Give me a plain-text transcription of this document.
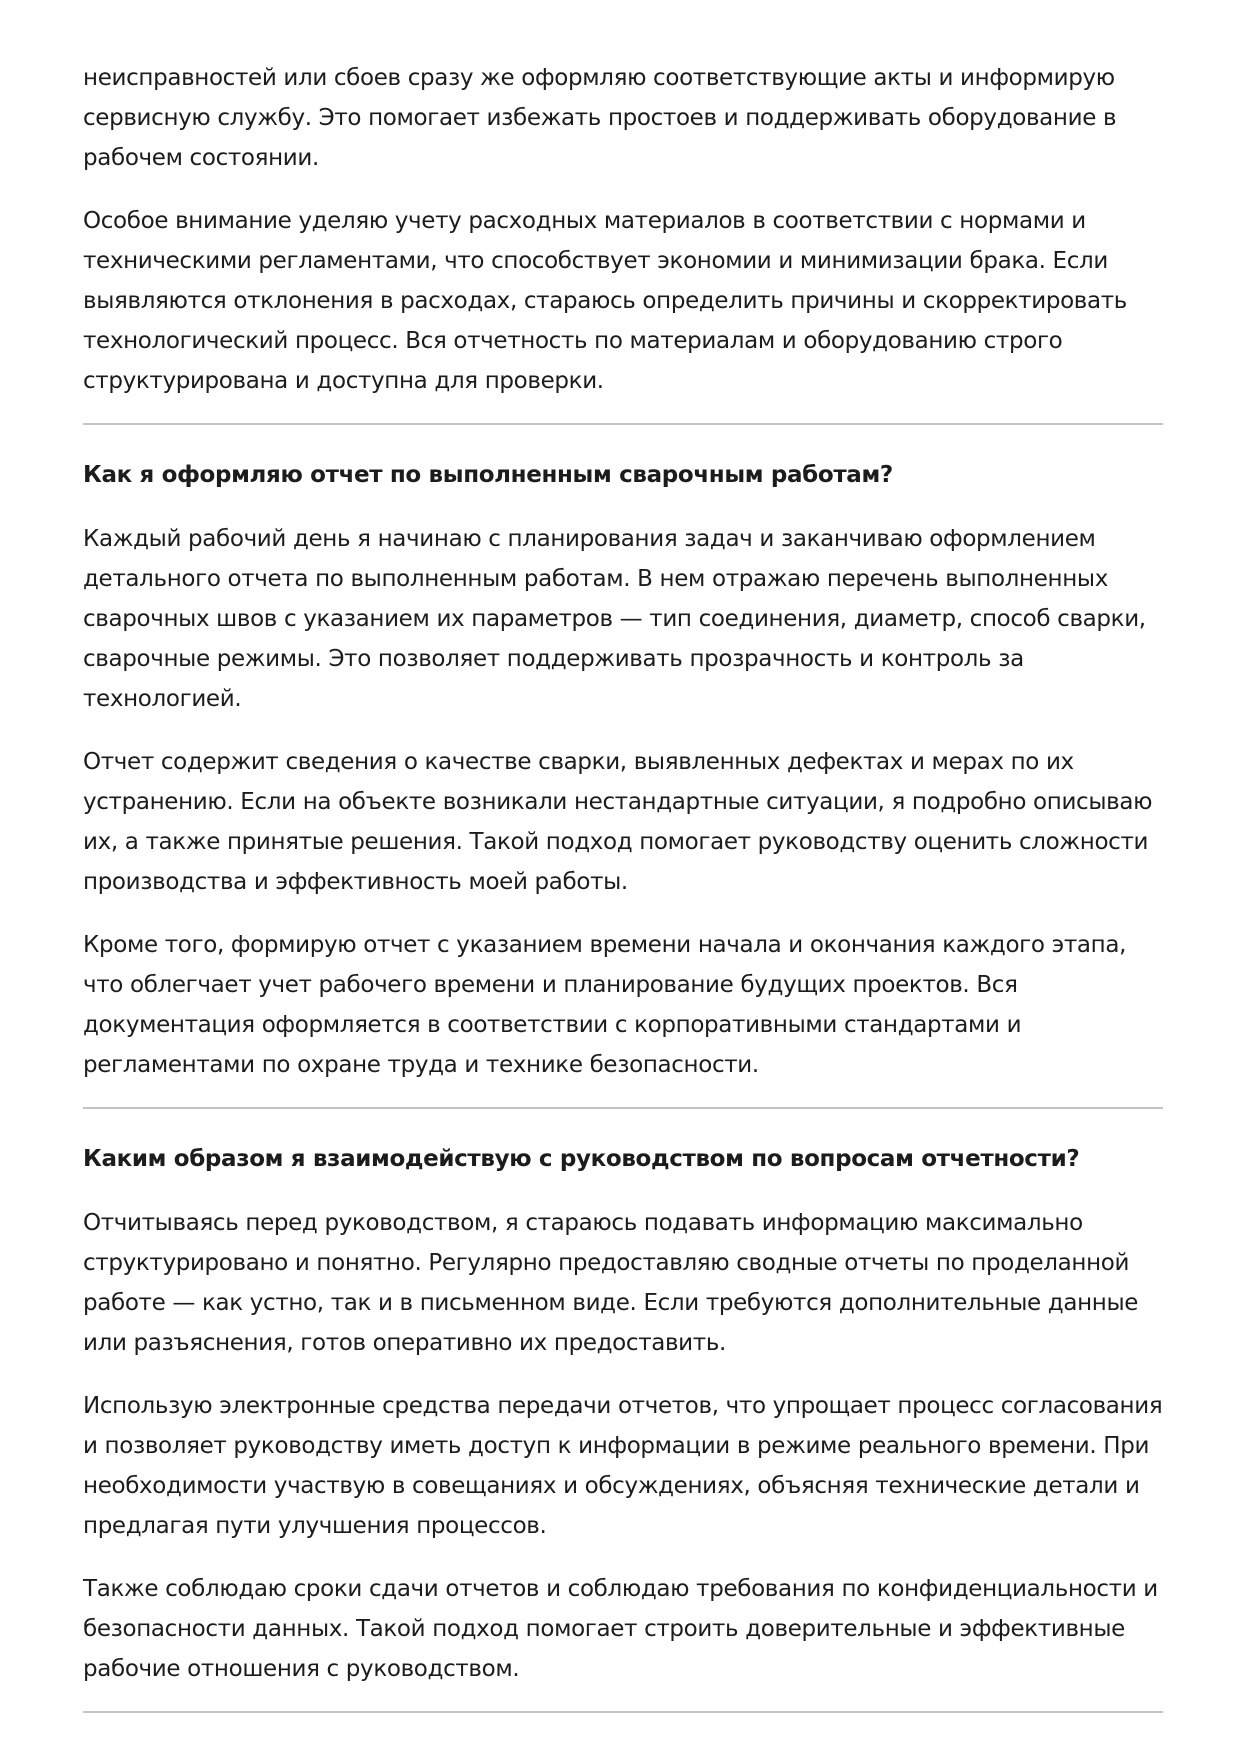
неисправностей или сбоев сразу же оформляю соответствующие акты и информирую сервисную службу. Это помогает избежать простоев и поддерживать оборудование в рабочем состоянии.

Особое внимание уделяю учету расходных материалов в соответствии с нормами и техническими регламентами, что способствует экономии и минимизации брака. Если выявляются отклонения в расходах, стараюсь определить причины и скорректировать технологический процесс. Вся отчетность по материалам и оборудованию строго структурирована и доступна для проверки.

Как я оформляю отчет по выполненным сварочным работам?

Каждый рабочий день я начинаю с планирования задач и заканчиваю оформлением детального отчета по выполненным работам. В нем отражаю перечень выполненных сварочных швов с указанием их параметров — тип соединения, диаметр, способ сварки, сварочные режимы. Это позволяет поддерживать прозрачность и контроль за технологией.

Отчет содержит сведения о качестве сварки, выявленных дефектах и мерах по их устранению. Если на объекте возникали нестандартные ситуации, я подробно описываю их, а также принятые решения. Такой подход помогает руководству оценить сложности производства и эффективность моей работы.

Кроме того, формирую отчет с указанием времени начала и окончания каждого этапа, что облегчает учет рабочего времени и планирование будущих проектов. Вся документация оформляется в соответствии с корпоративными стандартами и регламентами по охране труда и технике безопасности.

Каким образом я взаимодействую с руководством по вопросам отчетности?

Отчитываясь перед руководством, я стараюсь подавать информацию максимально структурировано и понятно. Регулярно предоставляю сводные отчеты по проделанной работе — как устно, так и в письменном виде. Если требуются дополнительные данные или разъяснения, готов оперативно их предоставить.

Использую электронные средства передачи отчетов, что упрощает процесс согласования и позволяет руководству иметь доступ к информации в режиме реального времени. При необходимости участвую в совещаниях и обсуждениях, объясняя технические детали и предлагая пути улучшения процессов.

Также соблюдаю сроки сдачи отчетов и соблюдаю требования по конфиденциальности и безопасности данных. Такой подход помогает строить доверительные и эффективные рабочие отношения с руководством.
